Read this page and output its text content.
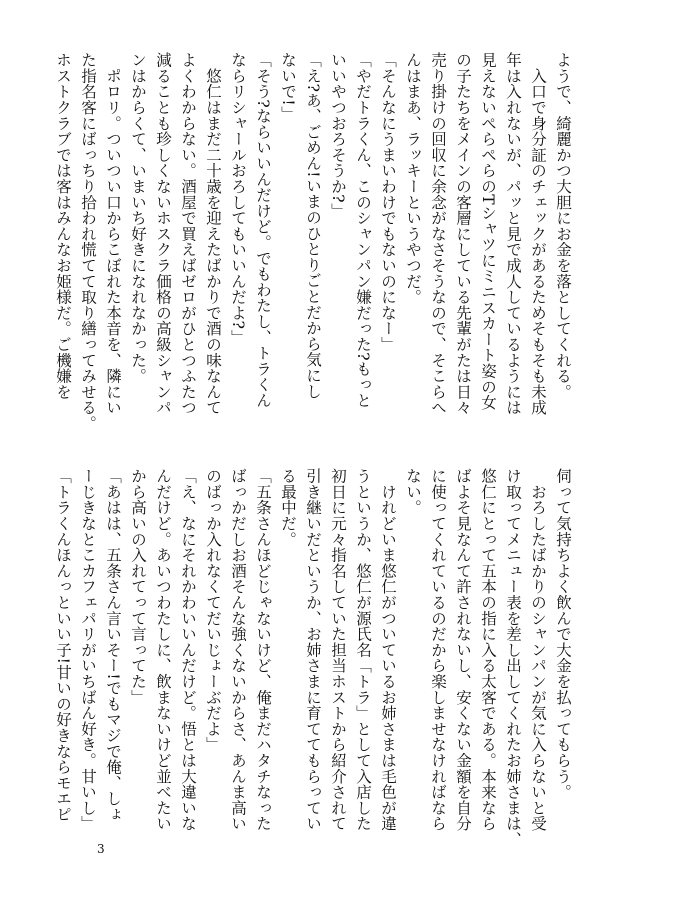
ようで、綺麗かつ大胆にお金を落としてくれる。
　入口で身分証のチェックがあるためそもそも未成
年は入れないが、パッと見で成人しているようには
見えないぺらぺらのTシャツにミニスカート姿の女
の子たちをメインの客層にしている先輩がたは日々
売り掛けの回収に余念がなさそうなので、そこらへ
んはまあ、ラッキーというやつだ。
「そんなにうまいわけでもないのになー」
「やだトラくん、このシャンパン嫌だった?もっと
いいやつおろそうか?」
「え?あ、ごめん!いまのひとりごとだから気にし
ないで!」
「そう?ならいいんだけど。でもわたし、トラくん
ならリシャールおろしてもいいんだよ?」
　悠仁はまだ二十歳を迎えたばかりで酒の味なんて
よくわからない。酒屋で買えばゼロがひとつふたつ
減ることも珍しくないホスクラ価格の高級シャンパ
ンはからくて、いまいち好きになれなかった。
　ポロリ。ついつい口からこぼれた本音を、隣にい
た指名客にばっちり拾われ慌てて取り繕ってみせる。
ホストクラブでは客はみんなお姫様だ。ご機嫌を
伺って気持ちよく飲んで大金を払ってもらう。
　おろしたばかりのシャンパンが気に入らないと受
け取ってメニュー表を差し出してくれたお姉さまは、
悠仁にとって五本の指に入る太客である。本来なら
ばよそ見なんて許されないし、安くない金額を自分
に使ってくれているのだから楽しませなければなら
ない。
　けれどいま悠仁がついているお姉さまは毛色が違
うというか、悠仁が源氏名「トラ」として入店した
初日に元々指名していた担当ホストから紹介されて
引き継いだというか、お姉さまに育ててもらってい
る最中だ。
「五条さんほどじゃないけど、俺まだハタチなった
ばっかだしお酒そんな強くないからさ、あんま高い
のばっか入れなくてだいじょーぶだよ」
「え、なにそれかわいいんだけど。悟とは大違いな
んだけど。あいつわたしに、飲まないけど並べたい
から高いの入れてって言ってた」
「あはは、五条さん言いそー!でもマジで俺、しょ
ーじきなとこカフェパリがいちばん好き。甘いし」
「トラくんほんっといい子!甘いの好きならモエピ
3
